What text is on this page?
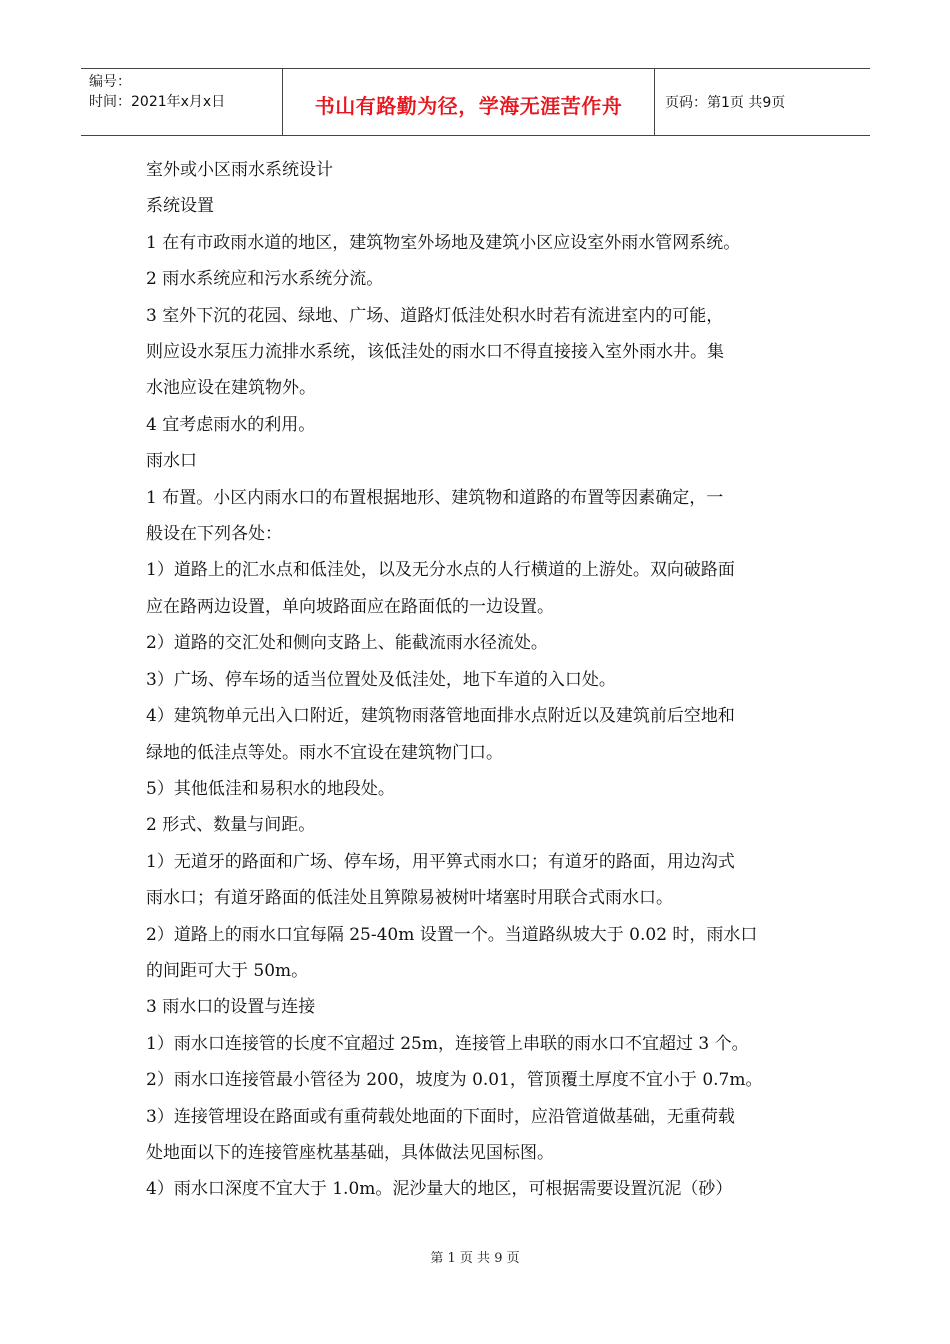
编号：
时间：2021年x月x日	书山有路勤为径，学海无涯苦作舟	页码：第1页 共9页

室外或小区雨水系统设计

系统设置

1 在有市政雨水道的地区，建筑物室外场地及建筑小区应设室外雨水管网系统。

2 雨水系统应和污水系统分流。

3 室外下沉的花园、绿地、广场、道路灯低洼处积水时若有流进室内的可能，

则应设水泵压力流排水系统，该低洼处的雨水口不得直接接入室外雨水井。集

水池应设在建筑物外。

4 宜考虑雨水的利用。

雨水口

1 布置。小区内雨水口的布置根据地形、建筑物和道路的布置等因素确定，一

般设在下列各处：

1）道路上的汇水点和低洼处，以及无分水点的人行横道的上游处。双向破路面

应在路两边设置，单向坡路面应在路面低的一边设置。

2）道路的交汇处和侧向支路上、能截流雨水径流处。

3）广场、停车场的适当位置处及低洼处，地下车道的入口处。

4）建筑物单元出入口附近，建筑物雨落管地面排水点附近以及建筑前后空地和

绿地的低洼点等处。雨水不宜设在建筑物门口。

5）其他低洼和易积水的地段处。

2 形式、数量与间距。

1）无道牙的路面和广场、停车场，用平箅式雨水口；有道牙的路面，用边沟式

雨水口；有道牙路面的低洼处且箅隙易被树叶堵塞时用联合式雨水口。

2）道路上的雨水口宜每隔 25-40m 设置一个。当道路纵坡大于 0.02 时，雨水口

的间距可大于 50m。

3 雨水口的设置与连接

1）雨水口连接管的长度不宜超过 25m，连接管上串联的雨水口不宜超过 3 个。

2）雨水口连接管最小管径为 200，坡度为 0.01，管顶覆土厚度不宜小于 0.7m。

3）连接管埋设在路面或有重荷载处地面的下面时，应沿管道做基础，无重荷载

处地面以下的连接管座枕基基础，具体做法见国标图。

4）雨水口深度不宜大于 1.0m。泥沙量大的地区，可根据需要设置沉泥（砂）

第 1 页 共 9 页
